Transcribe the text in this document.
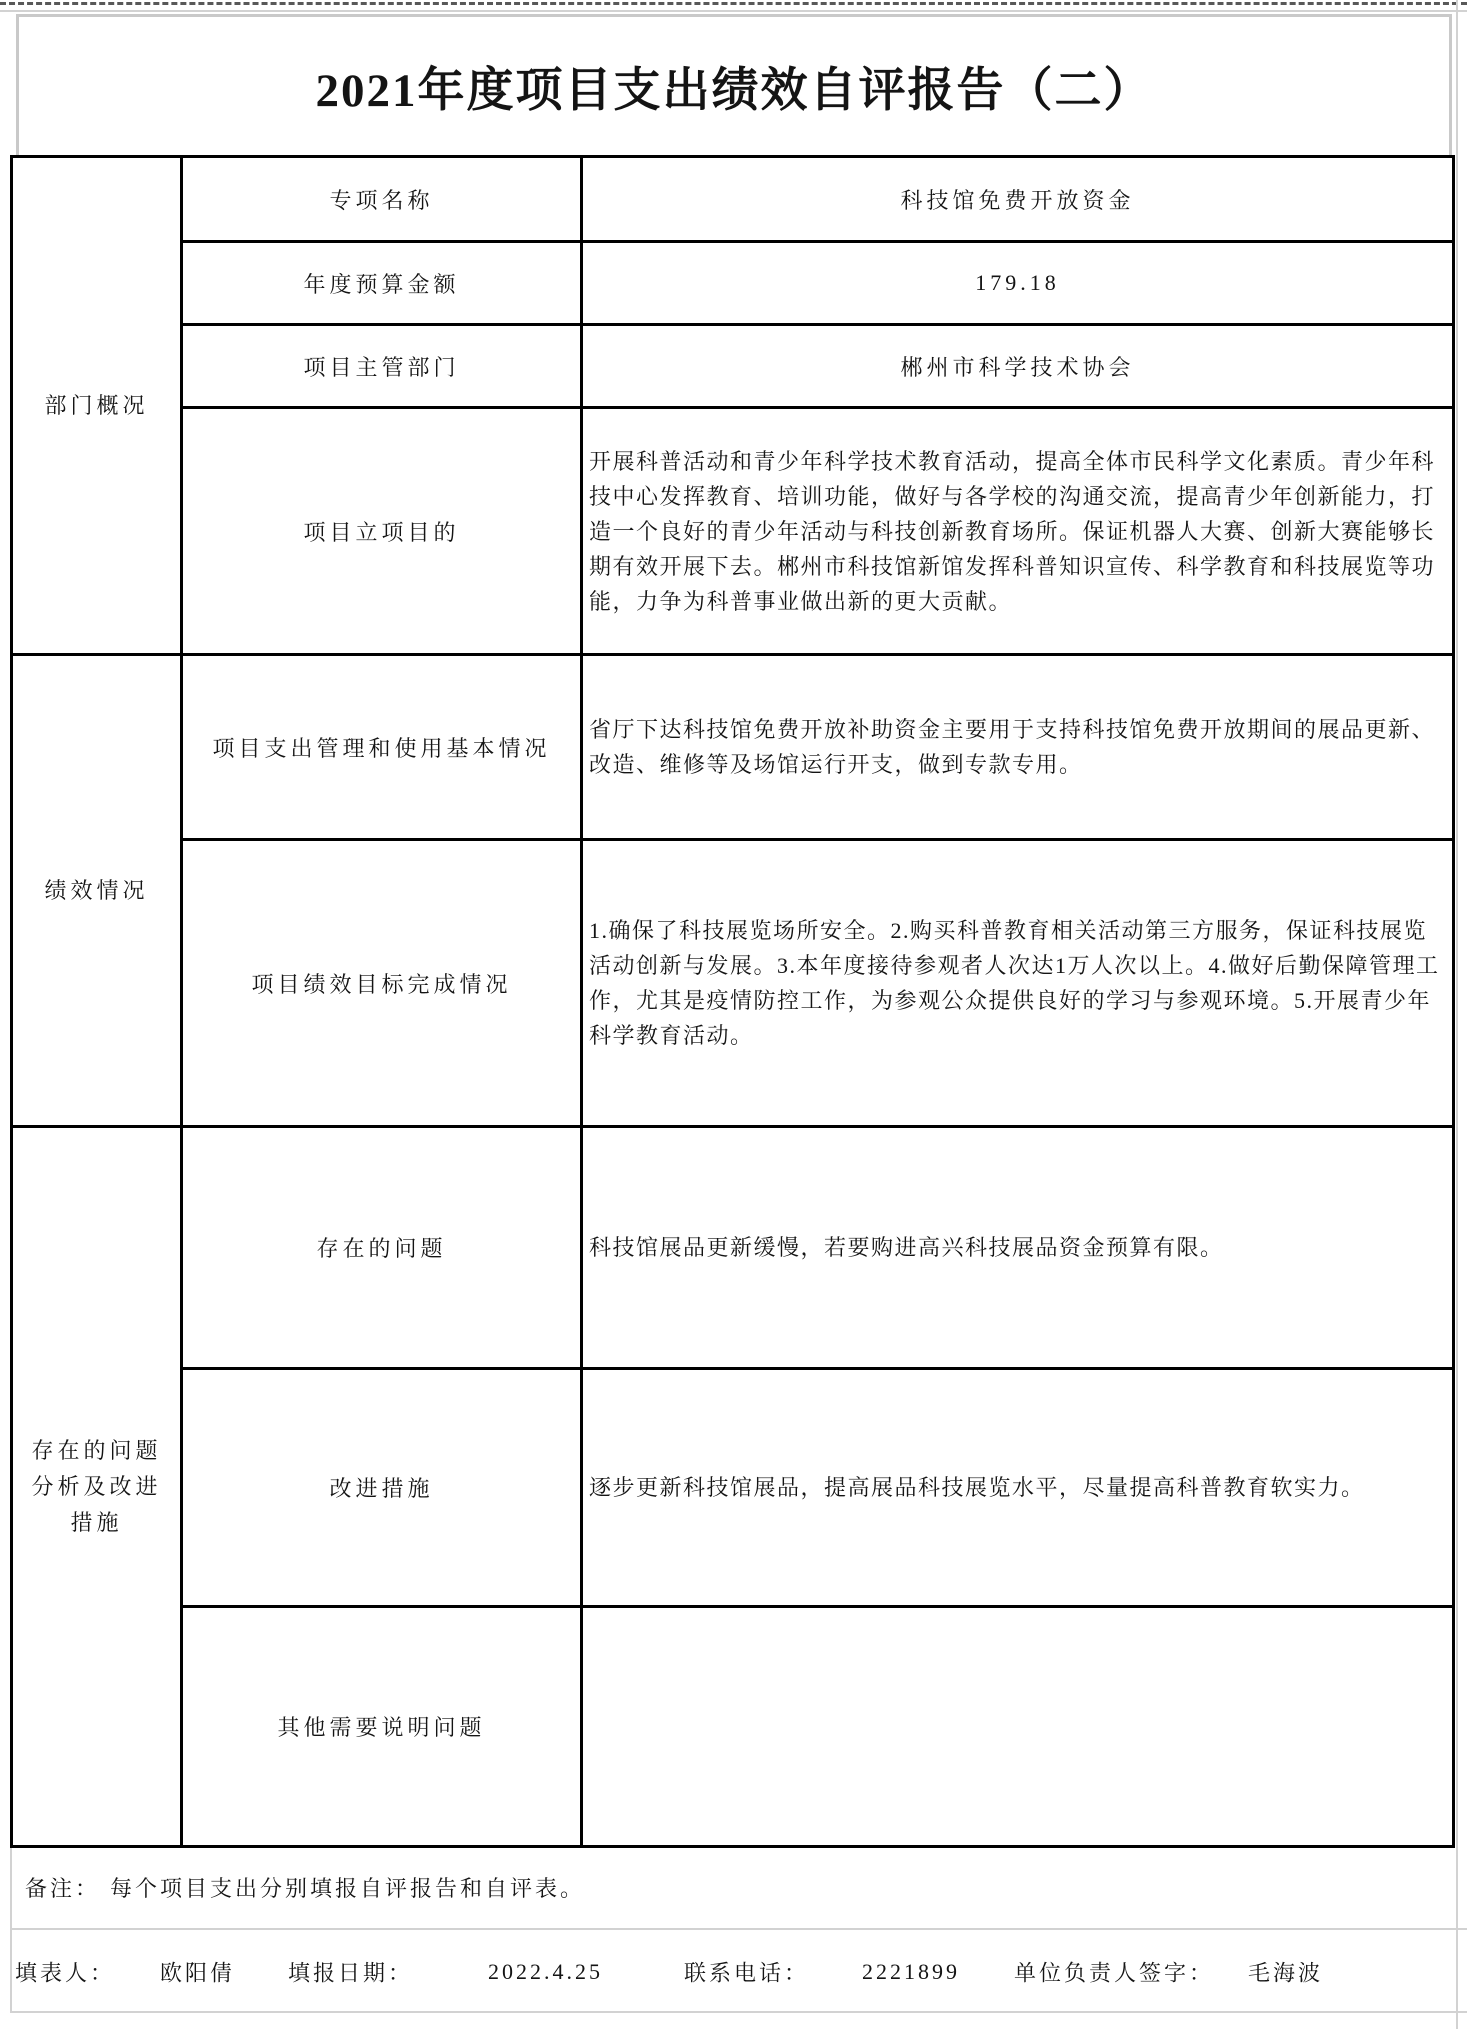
2021年度项目支出绩效自评报告（二）
部门概况	专项名称	科技馆免费开放资金
	年度预算金额	179.18
	项目主管部门	郴州市科学技术协会
	项目立项目的	开展科普活动和青少年科学技术教育活动，提高全体市民科学文化素质。青少年科技中心发挥教育、培训功能，做好与各学校的沟通交流，提高青少年创新能力，打造一个良好的青少年活动与科技创新教育场所。保证机器人大赛、创新大赛能够长期有效开展下去。郴州市科技馆新馆发挥科普知识宣传、科学教育和科技展览等功能，力争为科普事业做出新的更大贡献。
绩效情况	项目支出管理和使用基本情况	省厅下达科技馆免费开放补助资金主要用于支持科技馆免费开放期间的展品更新、改造、维修等及场馆运行开支，做到专款专用。
	项目绩效目标完成情况	1.确保了科技展览场所安全。2.购买科普教育相关活动第三方服务，保证科技展览活动创新与发展。3.本年度接待参观者人次达1万人次以上。4.做好后勤保障管理工作，尤其是疫情防控工作，为参观公众提供良好的学习与参观环境。5.开展青少年科学教育活动。
存在的问题分析及改进措施	存在的问题	科技馆展品更新缓慢，若要购进高兴科技展品资金预算有限。
	改进措施	逐步更新科技馆展品，提高展品科技展览水平，尽量提高科普教育软实力。
	其他需要说明问题	
备注： 每个项目支出分别填报自评报告和自评表。
填表人： 欧阳倩 填报日期：	2022.4.25	联系电话： 2221899 单位负责人签字： 毛海波
